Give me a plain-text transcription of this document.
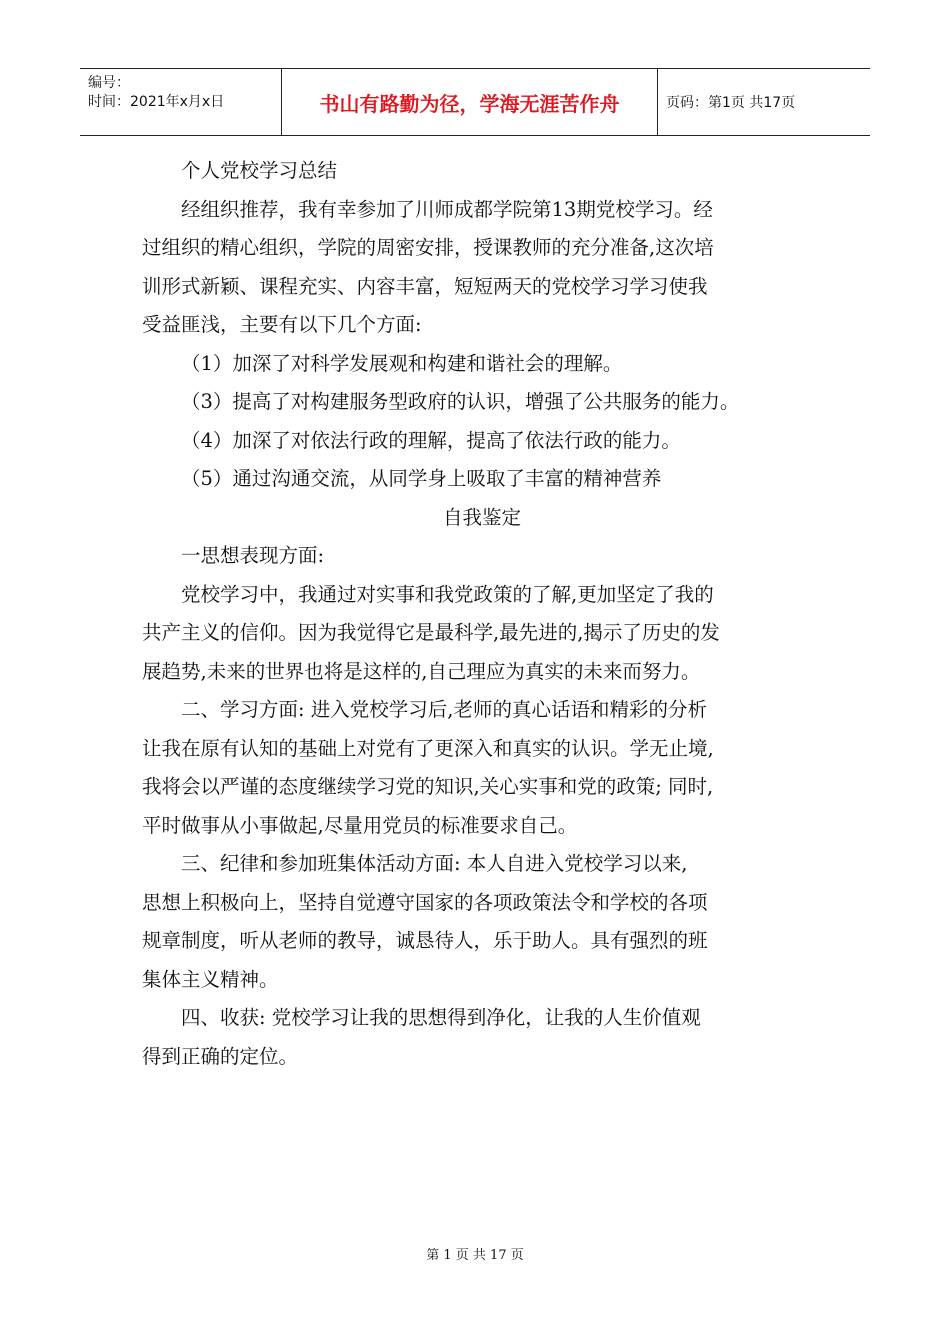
编号：
时间：2021年x月x日	书山有路勤为径，学海无涯苦作舟	页码：第1页 共17页

个人党校学习总结

经组织推荐，我有幸参加了川师成都学院第13期党校学习。经

过组织的精心组织，学院的周密安排，授课教师的充分准备,这次培

训形式新颖、课程充实、内容丰富，短短两天的党校学习学习使我

受益匪浅，主要有以下几个方面:

（1）加深了对科学发展观和构建和谐社会的理解。

（3）提高了对构建服务型政府的认识，增强了公共服务的能力。

（4）加深了对依法行政的理解，提高了依法行政的能力。

（5）通过沟通交流，从同学身上吸取了丰富的精神营养

自我鉴定

一思想表现方面:

党校学习中，我通过对实事和我党政策的了解,更加坚定了我的

共产主义的信仰。因为我觉得它是最科学,最先进的,揭示了历史的发

展趋势,未来的世界也将是这样的,自己理应为真实的未来而努力。

二、学习方面: 进入党校学习后,老师的真心话语和精彩的分析

让我在原有认知的基础上对党有了更深入和真实的认识。学无止境,

我将会以严谨的态度继续学习党的知识,关心实事和党的政策; 同时,

平时做事从小事做起,尽量用党员的标准要求自己。

三、纪律和参加班集体活动方面: 本人自进入党校学习以来,

思想上积极向上，坚持自觉遵守国家的各项政策法令和学校的各项

规章制度，听从老师的教导，诚恳待人，乐于助人。具有强烈的班

集体主义精神。

四、收获: 党校学习让我的思想得到净化，让我的人生价值观

得到正确的定位。

第 1 页 共 17 页
